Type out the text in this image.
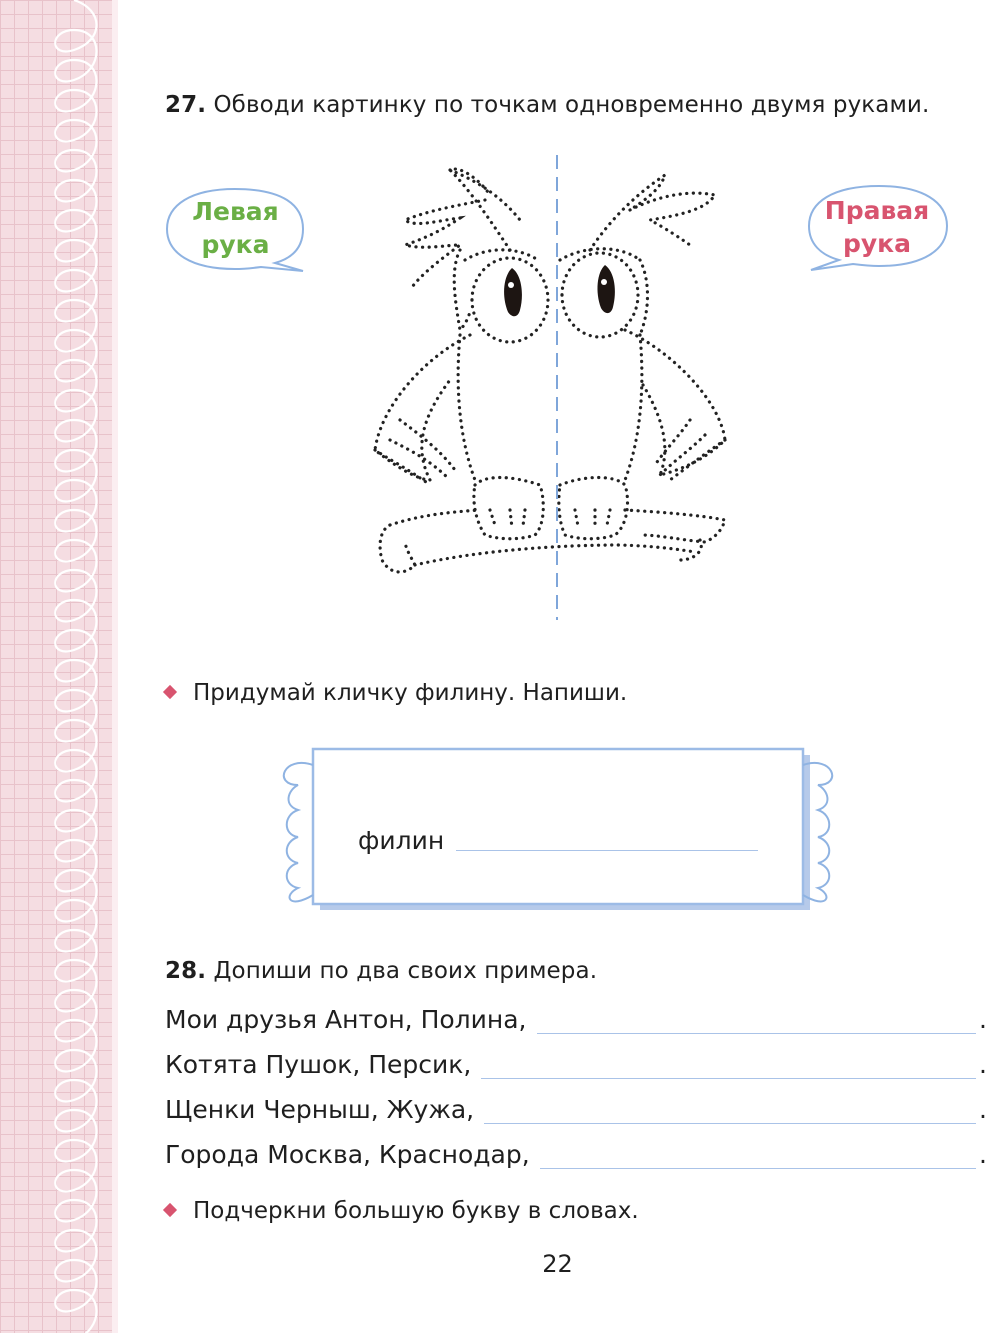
27. Обводи картинку по точкам одновременно двумя руками.
Левая
рука
Правая
рука
Придумай кличку филину. Напиши.
филин
28. Допиши по два своих примера.
Мои друзья Антон, Полина,	.
Котята Пушок, Персик,	.
Щенки Черныш, Жужа,	.
Города Москва, Краснодар,	.
Подчеркни большую букву в словах.
22
